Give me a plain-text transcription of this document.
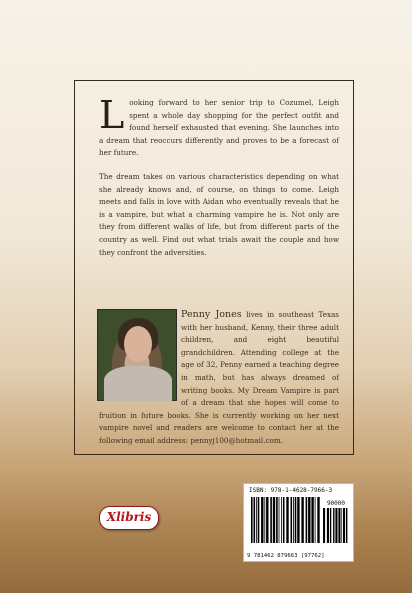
Looking forward to her senior trip to Cozumel, Leigh spent a whole day shopping for the perfect outfit and found herself exhausted that evening. She launches into a dream that reoccurs differently and proves to be a forecast of her future.

The dream takes on various characteristics depending on what she already knows and, of course, on things to come. Leigh meets and falls in love with Aidan who eventually reveals that he is a vampire, but what a charming vampire he is. Not only are they from different walks of life, but from different parts of the country as well. Find out what trials await the couple and how they confront the adversities.

Penny Jones lives in southeast Texas with her husband, Kenny, their three adult children, and eight beautiful grandchildren. Attending college at the age of 32, Penny earned a teaching degree in math, but has always dreamed of writing books. My Dream Vampire is part of a dream that she hopes will come to fruition in future books. She is currently working on her next vampire novel and readers are welcome to contact her at the following email address: pennyj100@hotmail.com.
ISBN: 978-1-4628-7966-3
90000
9 781462 879663 [97762]
Xlibris
